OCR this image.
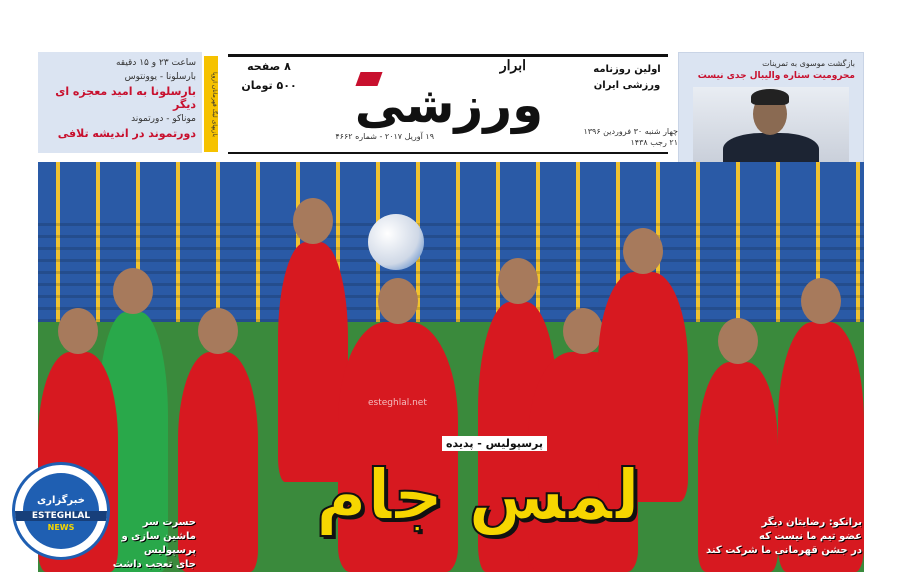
ساعت ۲۳ و ۱۵ دقیقه
بارسلونا - یوونتوس
بارسلونا به امید معجزه ای دیگر
موناکو - دورتموند
دورتموند در اندیشه تلافی	بازیهای لیگ قهرمانان اروپا
۸ صفحه
۵۰۰ تومان
ابرار
ورزشی
اولین روزنامه
ورزشی ایران
چهار شنبه ۳۰ فروردین ۱۳۹۶
۲۱ رجب ۱۴۳۸
۱۹ آوریل ۲۰۱۷ - شماره ۴۶۶۲
بازگشت موسوی به تمرینات
محرومیت ستاره والیبال جدی نیست
esteghlal.net
پرسپولیس - پدیده
لمس جام
حسرت سر
ماشین سازی و پرسپولیس
جای تعجب داشت
برانکو: رضایتان دیگر
عضو تیم ما نیست که
در جشن قهرمانی ما شرکت کند
خبرگزاری
ESTEGHLAL
NEWS
